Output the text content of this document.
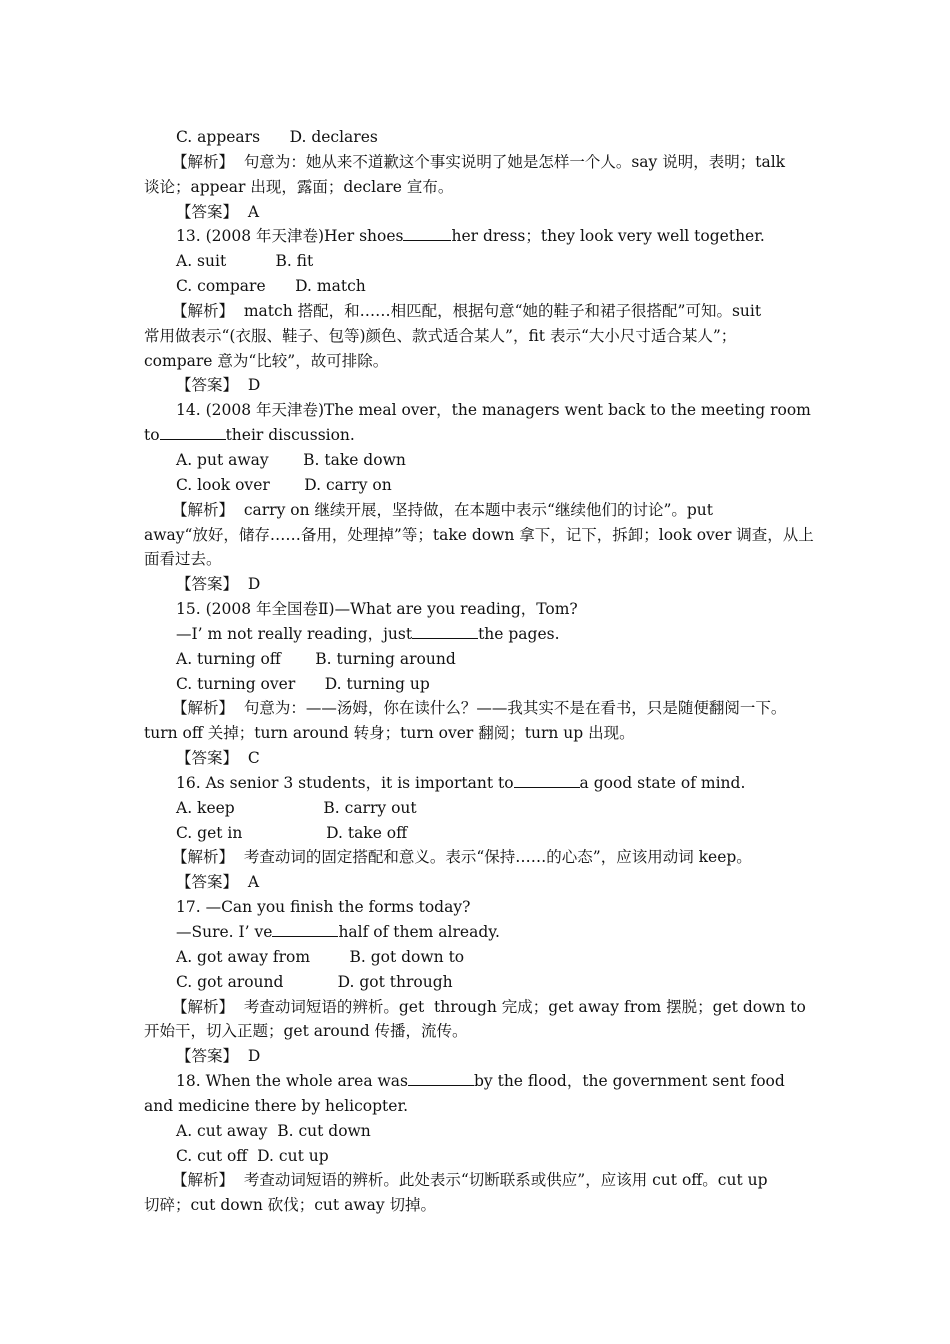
C. appears      D. declares
【解析】  句意为：她从来不道歉这个事实说明了她是怎样一个人。say 说明，表明；talk
谈论；appear 出现，露面；declare 宣布。
【答案】  A
13. (2008 年天津卷)Her shoes	her dress；they look very well together.
A. suit          B. fit
C. compare      D. match
【解析】  match 搭配，和……相匹配，根据句意“她的鞋子和裙子很搭配”可知。suit
常用做表示“(衣服、鞋子、包等)颜色、款式适合某人”，fit 表示“大小尺寸适合某人”；
compare 意为“比较”，故可排除。
【答案】  D
14. (2008 年天津卷)The meal over，the managers went back to the meeting room
to	their discussion.
A. put away       B. take down
C. look over       D. carry on
【解析】  carry on 继续开展，坚持做，在本题中表示“继续他们的讨论”。put
away“放好，储存……备用，处理掉”等；take down 拿下，记下，拆卸；look over 调查，从上
面看过去。
【答案】  D
15. (2008 年全国卷Ⅱ)—What are you reading，Tom?
—I’ m not really reading，just	the pages.
A. turning off       B. turning around
C. turning over      D. turning up
【解析】  句意为：——汤姆，你在读什么？——我其实不是在看书，只是随便翻阅一下。
turn off 关掉；turn around 转身；turn over 翻阅；turn up 出现。
【答案】  C
16. As senior 3 students，it is important to	a good state of mind.
A. keep                  B. carry out
C. get in                 D. take off
【解析】  考查动词的固定搭配和意义。表示“保持……的心态”，应该用动词 keep。
【答案】  A
17. —Can you finish the forms today?
—Sure. I’ ve	half of them already.
A. got away from        B. got down to
C. got around           D. got through
【解析】  考查动词短语的辨析。get  through 完成；get away from 摆脱；get down to
开始干，切入正题；get around 传播，流传。
【答案】  D
18. When the whole area was	by the flood，the government sent food
and medicine there by helicopter.
A. cut away  B. cut down
C. cut off  D. cut up
【解析】  考查动词短语的辨析。此处表示“切断联系或供应”，应该用 cut off。cut up
切碎；cut down 砍伐；cut away 切掉。
